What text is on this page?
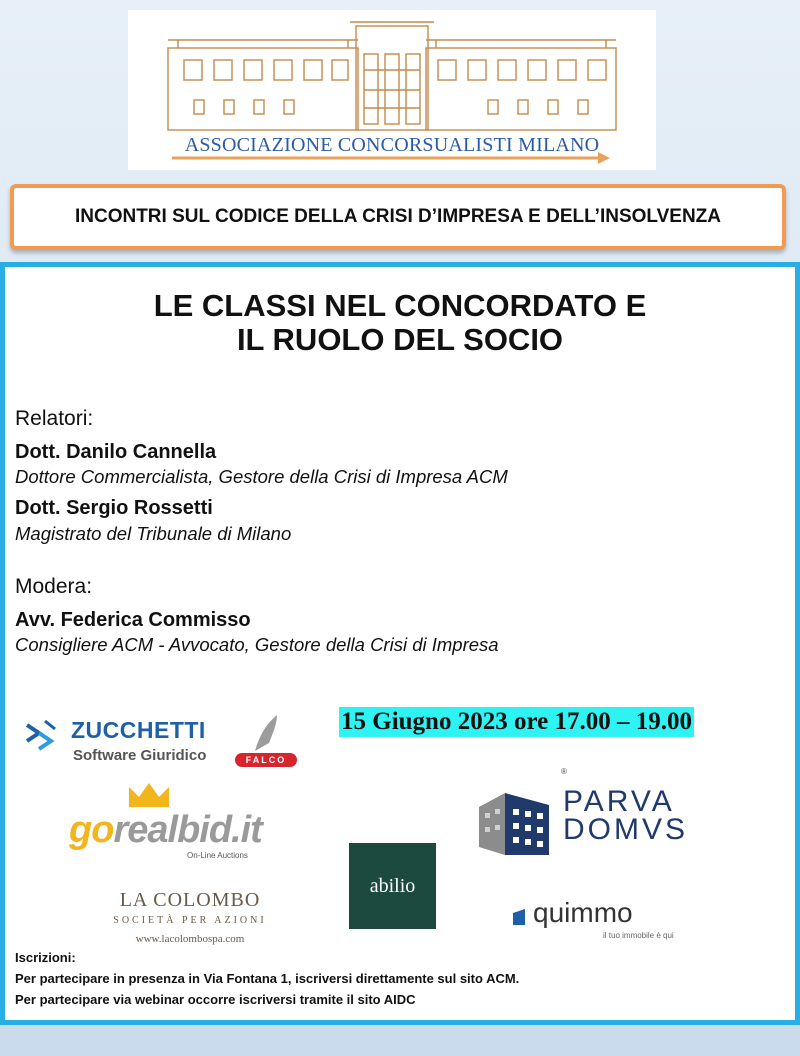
ASSOCIAZIONE CONCORSUALISTI MILANO
INCONTRI SUL CODICE DELLA CRISI D’IMPRESA E DELL’INSOLVENZA
LE CLASSI NEL CONCORDATO E
IL RUOLO DEL SOCIO
Relatori:
Dott. Danilo Cannella
Dottore Commercialista, Gestore della Crisi di Impresa ACM
Dott. Sergio Rossetti
Magistrato del Tribunale di Milano
Modera:
Avv. Federica Commisso
Consigliere ACM - Avvocato, Gestore della Crisi di Impresa
15 Giugno 2023 ore 17.00 – 19.00
ZUCCHETTI
Software Giuridico	FALCO
gorealbid.it
On-Line Auctions
®
PARVA
DOMVS
abilio
LA COLOMBO
SOCIETÀ PER AZIONI
www.lacolombospa.com
quimmo
il tuo immobile è qui
Iscrizioni:
Per partecipare in presenza in Via Fontana 1, iscriversi direttamente sul sito ACM.
Per partecipare via webinar occorre iscriversi tramite il sito AIDC
